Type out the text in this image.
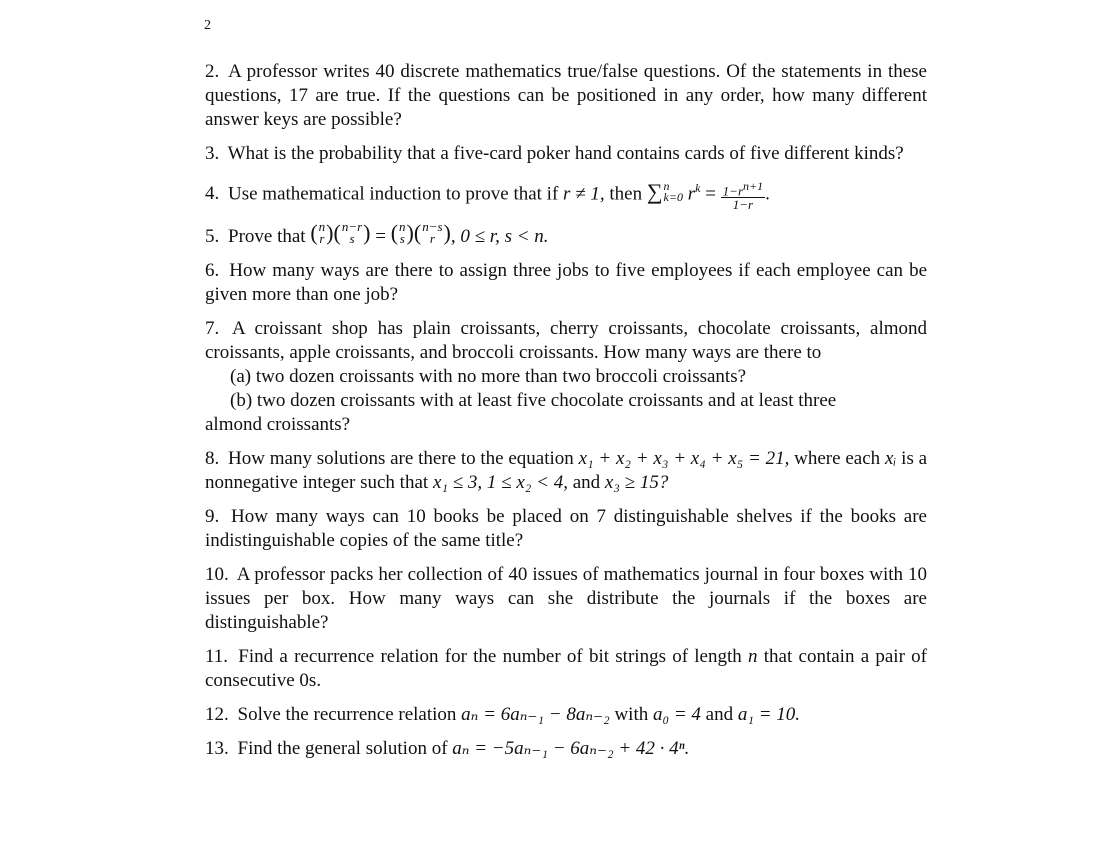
2

2. A professor writes 40 discrete mathematics true/false questions. Of the statements in these questions, 17 are true. If the questions can be positioned in any order, how many different answer keys are possible?

3. What is the probability that a five-card poker hand contains cards of five different kinds?

4. Use mathematical induction to prove that if r ≠ 1, then ∑ n
k=0 $r^k = \frac{1-r^{n+1}}{1-r}$ .

5. Prove that ( n
r ) ( n−r
s ) = ( n
s ) ( n−s
r ) , 0 ≤ r, s < n.

6. How many ways are there to assign three jobs to five employees if each employee can be given more than one job?

7. A croissant shop has plain croissants, cherry croissants, chocolate croissants, almond croissants, apple croissants, and broccoli croissants. How many ways are there to
(a) two dozen croissants with no more than two broccoli croissants?
(b) two dozen croissants with at least five chocolate croissants and at least three
almond croissants?

8. How many solutions are there to the equation x₁ + x₂ + x₃ + x₄ + x₅ = 21, where each xᵢ is a nonnegative integer such that x₁ ≤ 3, 1 ≤ x₂ < 4, and x₃ ≥ 15?

9. How many ways can 10 books be placed on 7 distinguishable shelves if the books are indistinguishable copies of the same title?

10. A professor packs her collection of 40 issues of mathematics journal in four boxes with 10 issues per box. How many ways can she distribute the journals if the boxes are distinguishable?

11. Find a recurrence relation for the number of bit strings of length n that contain a pair of consecutive 0s.

12. Solve the recurrence relation aₙ = 6aₙ₋₁ − 8aₙ₋₂ with a₀ = 4 and a₁ = 10.

13. Find the general solution of aₙ = −5aₙ₋₁ − 6aₙ₋₂ + 42 · 4ⁿ.
